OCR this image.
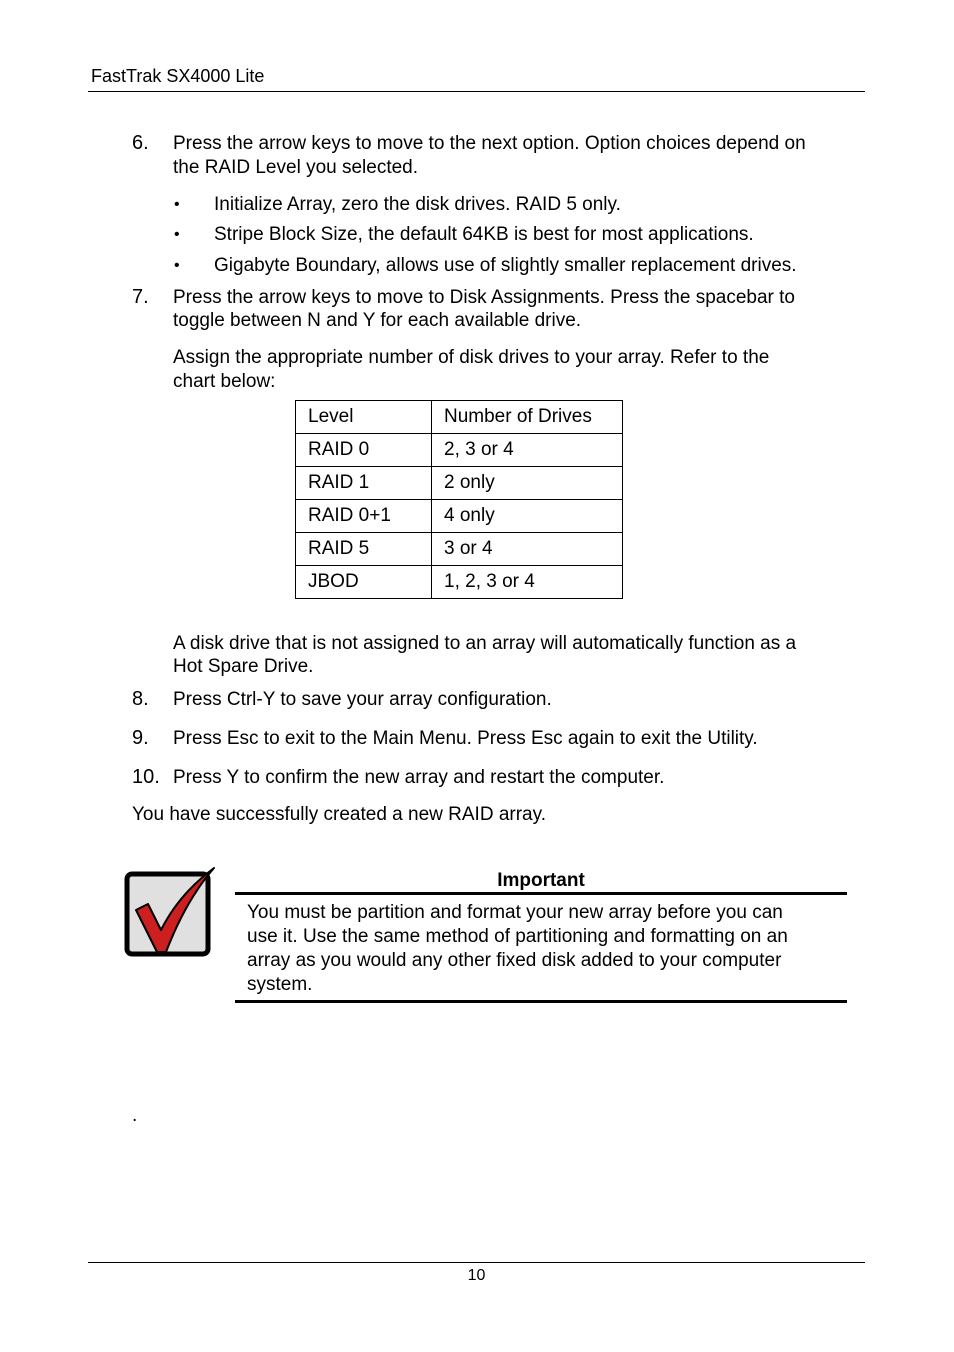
FastTrak SX4000 Lite
6. Press the arrow keys to move to the next option. Option choices depend on
the RAID Level you selected.
• Initialize Array, zero the disk drives. RAID 5 only.
• Stripe Block Size, the default 64KB is best for most applications.
• Gigabyte Boundary, allows use of slightly smaller replacement drives.
7. Press the arrow keys to move to Disk Assignments. Press the spacebar to
toggle between N and Y for each available drive.
Assign the appropriate number of disk drives to your array. Refer to the
chart below:
Level	Number of Drives
RAID 0	2, 3 or 4
RAID 1	2 only
RAID 0+1	4 only
RAID 5	3 or 4
JBOD	1, 2, 3 or 4
A disk drive that is not assigned to an array will automatically function as a
Hot Spare Drive.
8. Press Ctrl-Y to save your array configuration.
9. Press Esc to exit to the Main Menu. Press Esc again to exit the Utility.
10. Press Y to confirm the new array and restart the computer.
You have successfully created a new RAID array.
Important
You must be partition and format your new array before you can
use it. Use the same method of partitioning and formatting on an
array as you would any other fixed disk added to your computer
system.
.
10
